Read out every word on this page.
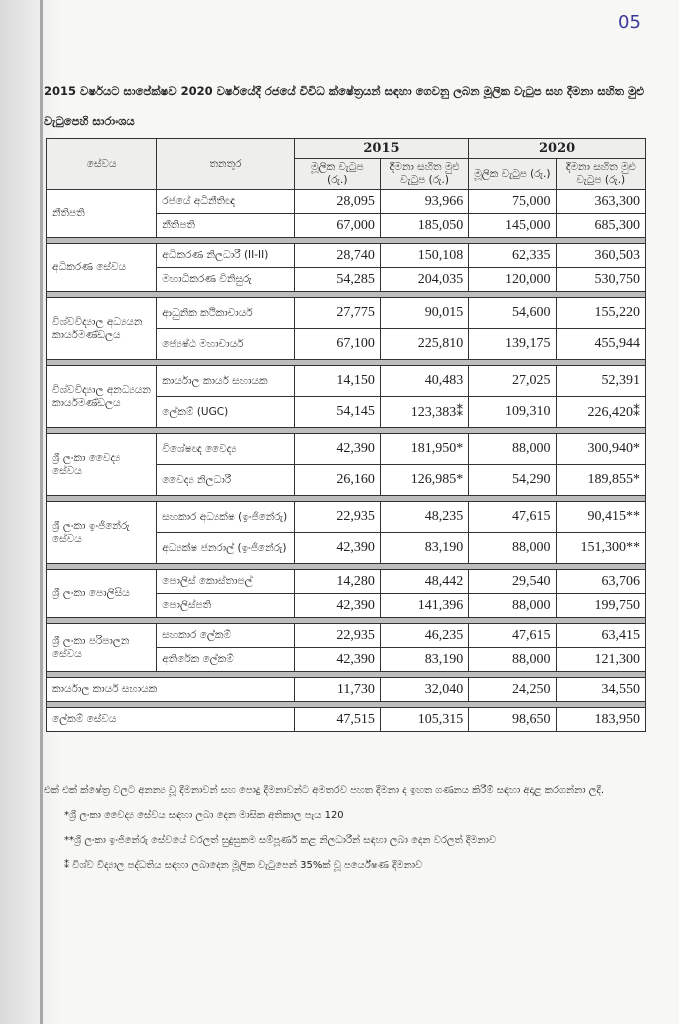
05
2015 වර්ෂයට සාපේක්ෂව 2020 වර්ෂයේදී රජයේ විවිධ ක්ෂේත්‍රයන් සඳහා ගෙවනු ලබන මූලික වැටුප සහ දීමනා සහිත මුළු වැටුපෙහි සාරාංශය
සේවය	තනතුර	2015		2020	
		මූලික වැටුප (රු.)	දීමනා සහිත මුළු වැටුප (රු.)	මූලික වැටුප (රු.)	දීමනා සහිත මුළු වැටුප (රු.)
නීතිපති	රජයේ අධිනීතිඥ	28,095	93,966	75,000	363,300
	නීතිපති	67,000	185,050	145,000	685,300

අධිකරණ සේවය	අධිකරණ නිලධාරී (II-II)	28,740	150,108	62,335	360,503
	මහාධිකරණ විනිසුරු	54,285	204,035	120,000	530,750

විශ්වවිද්‍යාල අධ්‍යයන කාර්යමණ්ඩලය	ආධුනික කථිකාචාර්ය	27,775	90,015	54,600	155,220
	ජ්‍යෙෂ්ඨ මහාචාර්ය	67,100	225,810	139,175	455,944

විශ්වවිද්‍යාල අනධ්‍යයන කාර්යමණ්ඩලය	කාර්යාල කාර්ය සහායක	14,150	40,483	27,025	52,391
	ලේකම් (UGC)	54,145	123,383⁑	109,310	226,420⁑

ශ්‍රී ලංකා වෛද්‍ය සේවය	විශේෂඥ වෛද්‍ය	42,390	181,950*	88,000	300,940*
	වෛද්‍ය නිලධාරී	26,160	126,985*	54,290	189,855*

ශ්‍රී ලංකා ඉංජිනේරු සේවය	සහකාර අධ්‍යක්ෂ (ඉංජිනේරු)	22,935	48,235	47,615	90,415**
	අධ්‍යක්ෂ ජනරාල් (ඉංජිනේරු)	42,390	83,190	88,000	151,300**

ශ්‍රී ලංකා පොලිසිය	පොලිස් කොස්තාපල්	14,280	48,442	29,540	63,706
	පොලිස්පති	42,390	141,396	88,000	199,750

ශ්‍රී ලංකා පරිපාලන සේවය	සහකාර ලේකම්	22,935	46,235	47,615	63,415
	අතිරේක ලේකම්	42,390	83,190	88,000	121,300

කාර්යාල කාර්ය සහායක		11,730	32,040	24,250	34,550

ලේකම් සේවය		47,515	105,315	98,650	183,950
එක් එක් ක්ෂේත්‍ර වලට අනන්‍ය වූ දීමනාවන් සහ පොදු දීමනාවන්ට අමතරව පහත දීමනා ද ඉහත ගණනය කිරීම් සඳහා අදාළ කරගන්නා ලදී.
*ශ්‍රී ලංකා වෛද්‍ය සේවය සඳහා ලබා දෙන මාසික අතිකාල පැය 120
**ශ්‍රී ලංකා ඉංජිනේරු සේවයේ වරලත් සුදුසුකම සම්පූර්ණ කළ නිලධාරීන් සඳහා ලබා දෙන වරලත් දීමනාව
⁑ විශ්ව විද්‍යාල පද්ධතිය සඳහා ලබාදෙන මූලික වැටුපෙන් 35%ක් වූ පර්යේෂණ දීමනාව
